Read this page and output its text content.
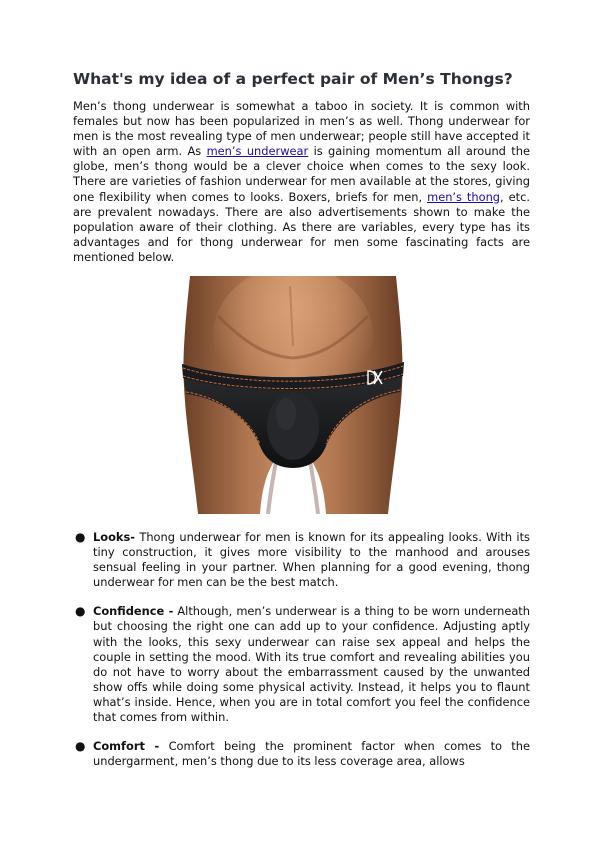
What's my idea of a perfect pair of Men’s Thongs?

Men’s thong underwear is somewhat a taboo in society. It is common with females but now has been popularized in men’s as well. Thong underwear for men is the most revealing type of men underwear; people still have accepted it with an open arm. As men’s underwear is gaining momentum all around the globe, men’s thong would be a clever choice when comes to the sexy look. There are varieties of fashion underwear for men available at the stores, giving one flexibility when comes to looks. Boxers, briefs for men, men’s thong, etc. are prevalent nowadays. There are also advertisements shown to make the population aware of their clothing. As there are variables, every type has its advantages and for thong underwear for men some fascinating facts are mentioned below.

● Looks- Thong underwear for men is known for its appealing looks. With its tiny construction, it gives more visibility to the manhood and arouses sensual feeling in your partner. When planning for a good evening, thong underwear for men can be the best match.
● Confidence - Although, men’s underwear is a thing to be worn underneath but choosing the right one can add up to your confidence. Adjusting aptly with the looks, this sexy underwear can raise sex appeal and helps the couple in setting the mood. With its true comfort and revealing abilities you do not have to worry about the embarrassment caused by the unwanted show offs while doing some physical activity. Instead, it helps you to flaunt what’s inside. Hence, when you are in total comfort you feel the confidence that comes from within.
● Comfort - Comfort being the prominent factor when comes to the undergarment, men’s thong due to its less coverage area, allows
